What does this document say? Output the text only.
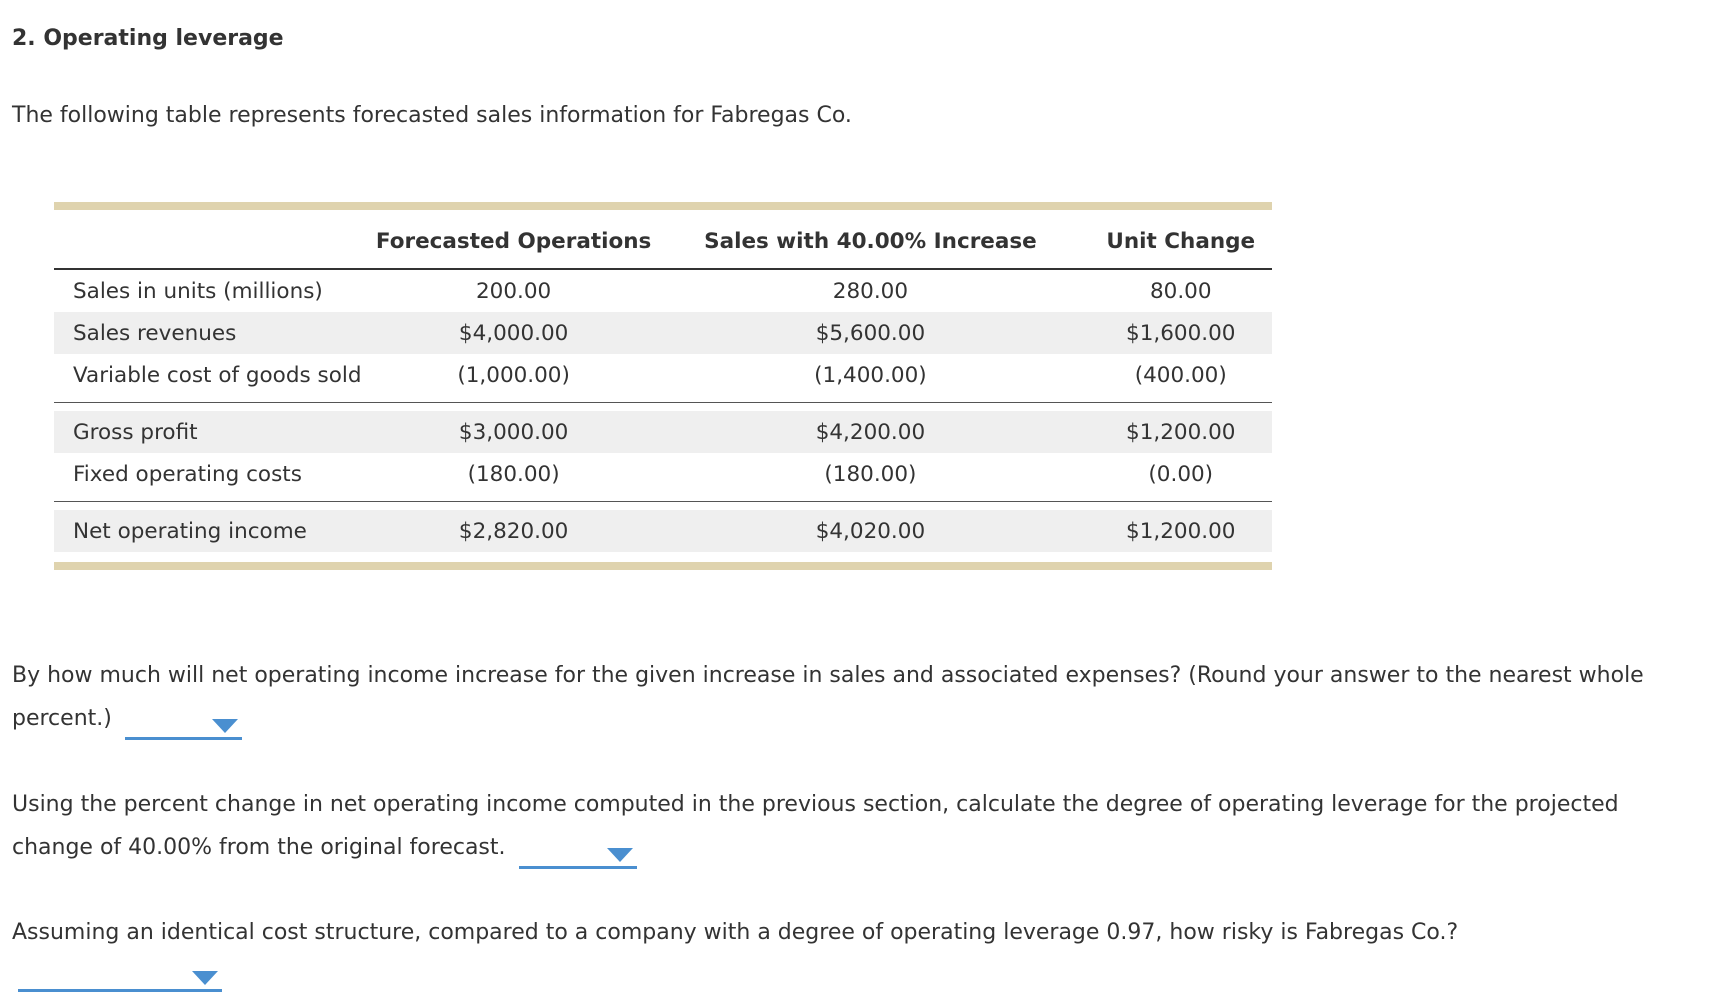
2. Operating leverage
The following table represents forecasted sales information for Fabregas Co.
	Forecasted Operations	Sales with 40.00% Increase	Unit Change
Sales in units (millions)	200.00	280.00	80.00
Sales revenues	$4,000.00	$5,600.00	$1,600.00
Variable cost of goods sold	(1,000.00)	(1,400.00)	(400.00)

Gross profit	$3,000.00	$4,200.00	$1,200.00
Fixed operating costs	(180.00)	(180.00)	(0.00)

Net operating income	$2,820.00	$4,020.00	$1,200.00
By how much will net operating income increase for the given increase in sales and associated expenses? (Round your answer to the nearest whole percent.)
Using the percent change in net operating income computed in the previous section, calculate the degree of operating leverage for the projected change of 40.00% from the original forecast.
Assuming an identical cost structure, compared to a company with a degree of operating leverage 0.97, how risky is Fabregas Co.?
